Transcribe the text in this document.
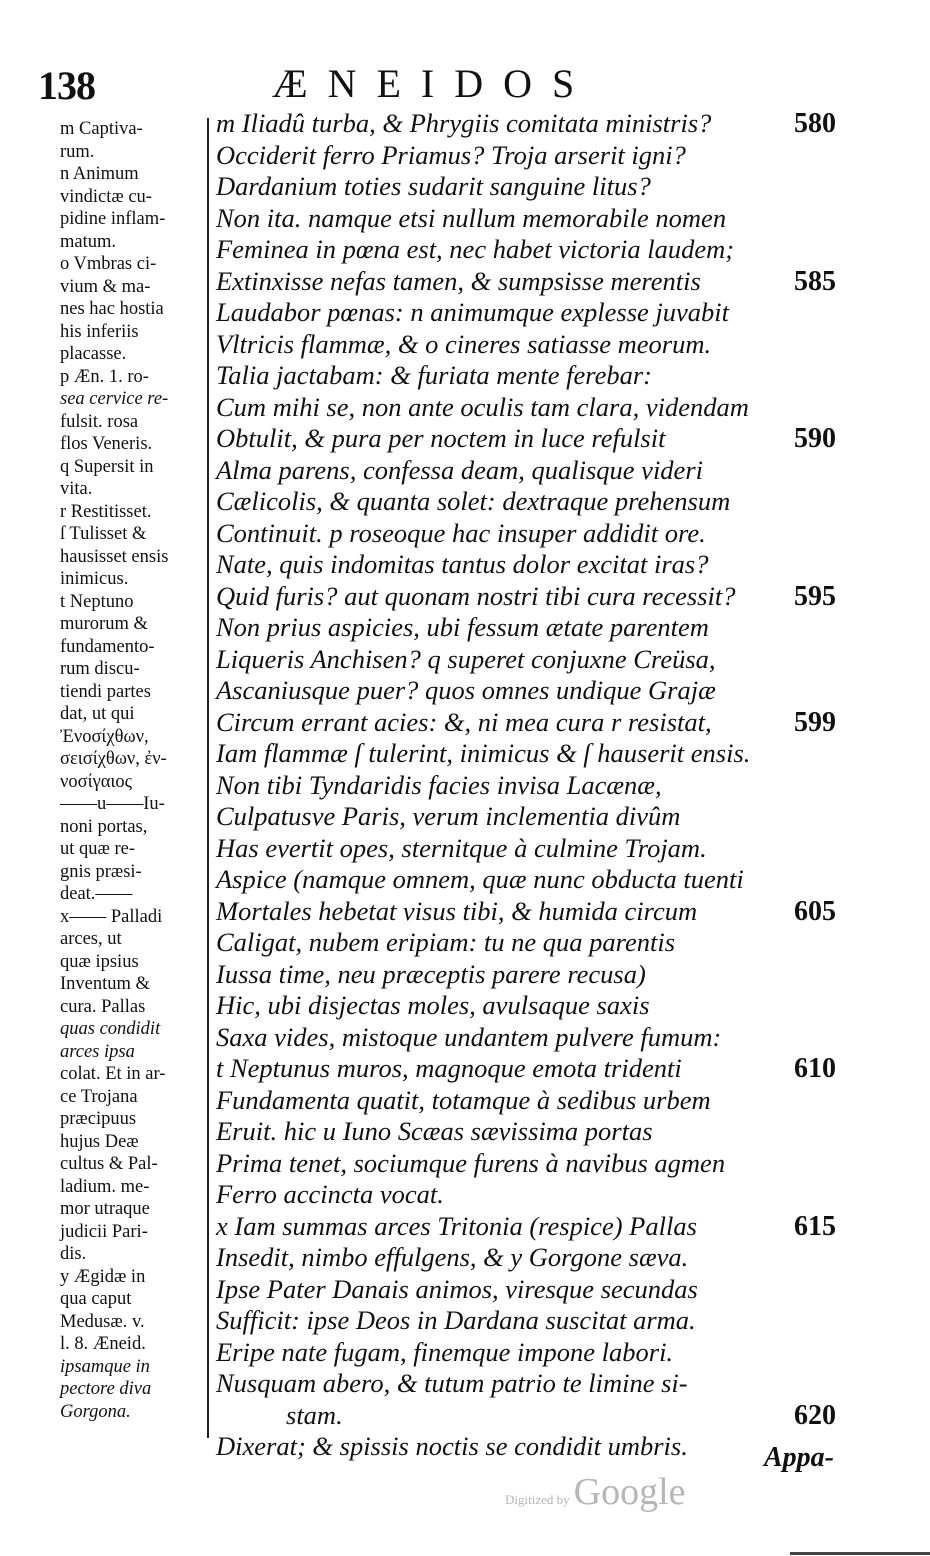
138	ÆNEIDOS
m Captiva-
rum.
n Animum
vindictæ cu-
pidine inflam-
matum.
o Vmbras ci-
vium & ma-
nes hac hostia
his inferiis
placasse.
p Æn. 1. ro-
sea cervice re-
fulsit. rosa
flos Veneris.
q Supersit in
vita.
r Restitisset.
ſ Tulisset &
hausisset ensis
inimicus.
t Neptuno
murorum &
fundamento-
rum discu-
tiendi partes
dat, ut qui
Ἐνοσίχθων,
σεισίχθων, ἐν-
νοσίγαιος
——u——Iu-
noni portas,
ut quæ re-
gnis præsi-
deat.——
x—— Palladi
arces, ut
quæ ipsius
Inventum &
cura. Pallas
quas condidit
arces ipsa
colat. Et in ar-
ce Trojana
præcipuus
hujus Deæ
cultus & Pal-
ladium. me-
mor utraque
judicii Pari-
dis.
y Ægidæ in
qua caput
Medusæ. v.
l. 8. Æneid.
ipsamque in
pectore diva
Gorgona.
m Iliadû turba, & Phrygiis comitata ministris?	580
Occiderit ferro Priamus? Troja arserit igni?
Dardanium toties sudarit sanguine litus?
Non ita. namque etsi nullum memorabile nomen
Feminea in pœna est, nec habet victoria laudem;
Extinxisse nefas tamen, & sumpsisse merentis	585
Laudabor pœnas: n animumque explesse juvabit
Vltricis flammæ, & o cineres satiasse meorum.
Talia jactabam: & furiata mente ferebar:
Cum mihi se, non ante oculis tam clara, videndam
Obtulit, & pura per noctem in luce refulsit	590
Alma parens, confessa deam, qualisque videri
Cælicolis, & quanta solet: dextraque prehensum
Continuit. p roseoque hac insuper addidit ore.
Nate, quis indomitas tantus dolor excitat iras?
Quid furis? aut quonam nostri tibi cura recessit? 595
Non prius aspicies, ubi fessum ætate parentem
Liqueris Anchisen? q superet conjuxne Creüsa,
Ascaniusque puer? quos omnes undique Grajæ
Circum errant acies: &, ni mea cura r resistat,	599
Iam flammæ ſ tulerint, inimicus & ſ hauserit ensis.
Non tibi Tyndaridis facies invisa Lacænæ,
Culpatusve Paris, verum inclementia divûm
Has evertit opes, sternitque à culmine Trojam.
Aspice (namque omnem, quæ nunc obducta tuenti
Mortales hebetat visus tibi, & humida circum	605
Caligat, nubem eripiam: tu ne qua parentis
Iussa time, neu præceptis parere recusa)
Hic, ubi disjectas moles, avulsaque saxis
Saxa vides, mistoque undantem pulvere fumum:
t Neptunus muros, magnoque emota tridenti	610
Fundamenta quatit, totamque à sedibus urbem
Eruit. hic u Iuno Scæas sævissima portas
Prima tenet, sociumque furens à navibus agmen
Ferro accincta vocat.
x Iam summas arces Tritonia (respice) Pallas	615
Insedit, nimbo effulgens, & y Gorgone sæva.
Ipse Pater Danais animos, viresque secundas
Sufficit: ipse Deos in Dardana suscitat arma.
Eripe nate fugam, finemque impone labori.
Nusquam abero, & tutum patrio te limine si-
stam.	620
Dixerat; & spissis noctis se condidit umbris.	Appa-
Digitized by Google
